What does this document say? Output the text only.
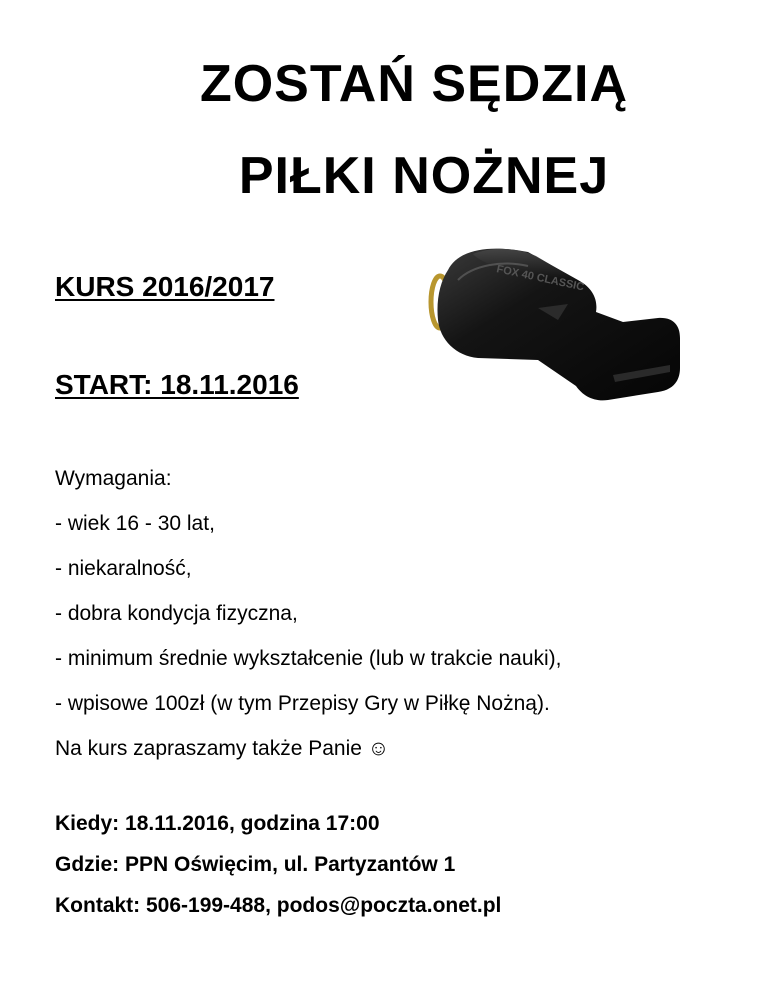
ZOSTAŃ SĘDZIĄ
PIŁKI NOŻNEJ
KURS 2016/2017
START: 18.11.2016
FOX 40 CLASSIC

Wymagania:

- wiek 16 - 30 lat,

- niekaralność,

- dobra kondycja fizyczna,

- minimum średnie wykształcenie (lub w trakcie nauki),

- wpisowe 100zł (w tym Przepisy Gry w Piłkę Nożną).

Na kurs zapraszamy także Panie ☺

Kiedy: 18.11.2016, godzina 17:00

Gdzie: PPN Oświęcim, ul. Partyzantów 1

Kontakt: 506-199-488, podos@poczta.onet.pl
